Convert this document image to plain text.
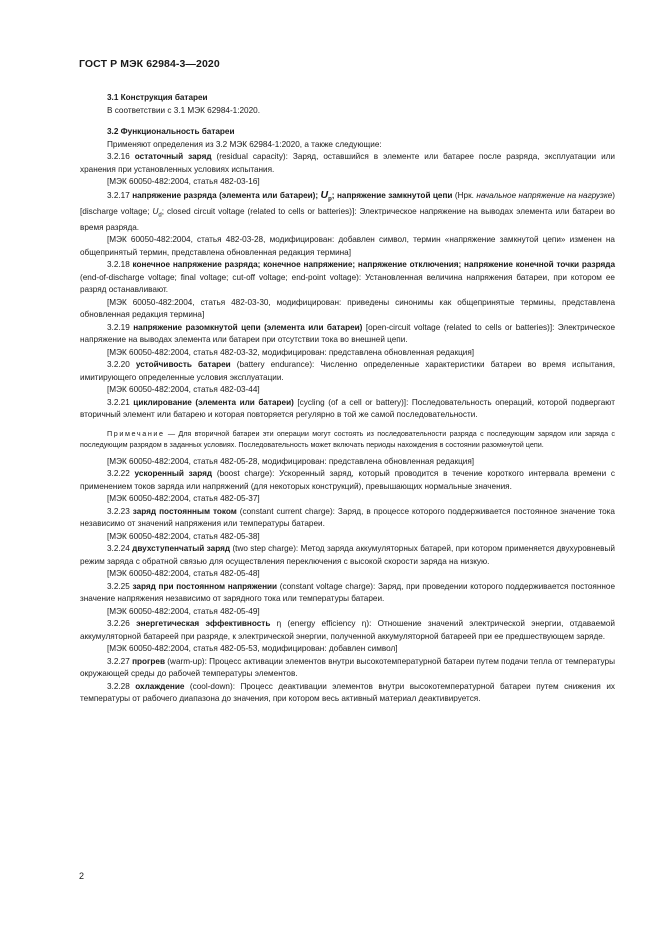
ГОСТ Р МЭК 62984-3—2020

3.1 Конструкция батареи

В соответствии с 3.1 МЭК 62984-1:2020.

3.2 Функциональность батареи

Применяют определения из 3.2 МЭК 62984-1:2020, а также следующие:

3.2.16 остаточный заряд (residual capacity): Заряд, оставшийся в элементе или батарее после разряда, эксплуатации или хранения при установленных условиях испытания.

[МЭК 60050-482:2004, статья 482-03-16]

3.2.17 напряжение разряда (элемента или батареи); $U_p$; напряжение замкнутой цепи (Нрк. начальное напряжение на нагрузке) [discharge voltage; $U_d$; closed circuit voltage (related to cells or batteries)]: Электрическое напряжение на выводах элемента или батареи во время разряда.

[МЭК 60050-482:2004, статья 482-03-28, модифицирован: добавлен символ, термин «напряжение замкнутой цепи» изменен на общепринятый термин, представлена обновленная редакция термина]

3.2.18 конечное напряжение разряда; конечное напряжение; напряжение отключения; напряжение конечной точки разряда (end-of-discharge voltage; final voltage; cut-off voltage; end-point voltage): Установленная величина напряжения батареи, при котором ее разряд останавливают.

[МЭК 60050-482:2004, статья 482-03-30, модифицирован: приведены синонимы как общепринятые термины, представлена обновленная редакция термина]

3.2.19 напряжение разомкнутой цепи (элемента или батареи) [open-circuit voltage (related to cells or batteries)]: Электрическое напряжение на выводах элемента или батареи при отсутствии тока во внешней цепи.

[МЭК 60050-482:2004, статья 482-03-32, модифицирован: представлена обновленная редакция]

3.2.20 устойчивость батареи (battery endurance): Численно определенные характеристики батареи во время испытания, имитирующего определенные условия эксплуатации.

[МЭК 60050-482:2004, статья 482-03-44]

3.2.21 циклирование (элемента или батареи) [cycling (of a cell or battery)]: Последовательность операций, которой подвергают вторичный элемент или батарею и которая повторяется регулярно в той же самой последовательности.

Примечание — Для вторичной батареи эти операции могут состоять из последовательности разряда с последующим зарядом или заряда с последующим разрядом в заданных условиях. Последовательность может включать периоды нахождения в состоянии разомкнутой цепи.

[МЭК 60050-482:2004, статья 482-05-28, модифицирован: представлена обновленная редакция]

3.2.22 ускоренный заряд (boost charge): Ускоренный заряд, который проводится в течение короткого интервала времени с применением токов заряда или напряжений (для некоторых конструкций), превышающих нормальные значения.

[МЭК 60050-482:2004, статья 482-05-37]

3.2.23 заряд постоянным током (constant current charge): Заряд, в процессе которого поддерживается постоянное значение тока независимо от значений напряжения или температуры батареи.

[МЭК 60050-482:2004, статья 482-05-38]

3.2.24 двухступенчатый заряд (two step charge): Метод заряда аккумуляторных батарей, при котором применяется двухуровневый режим заряда с обратной связью для осуществления переключения с высокой скорости заряда на низкую.

[МЭК 60050-482:2004, статья 482-05-48]

3.2.25 заряд при постоянном напряжении (constant voltage charge): Заряд, при проведении которого поддерживается постоянное значение напряжения независимо от зарядного тока или температуры батареи.

[МЭК 60050-482:2004, статья 482-05-49]

3.2.26 энергетическая эффективность η (energy efficiency η): Отношение значений электрической энергии, отдаваемой аккумуляторной батареей при разряде, к электрической энергии, полученной аккумуляторной батареей при ее предшествующем заряде.

[МЭК 60050-482:2004, статья 482-05-53, модифицирован: добавлен символ]

3.2.27 прогрев (warm-up): Процесс активации элементов внутри высокотемпературной батареи путем подачи тепла от температуры окружающей среды до рабочей температуры элементов.

3.2.28 охлаждение (cool-down): Процесс деактивации элементов внутри высокотемпературной батареи путем снижения их температуры от рабочего диапазона до значения, при котором весь активный материал деактивируется.

2
